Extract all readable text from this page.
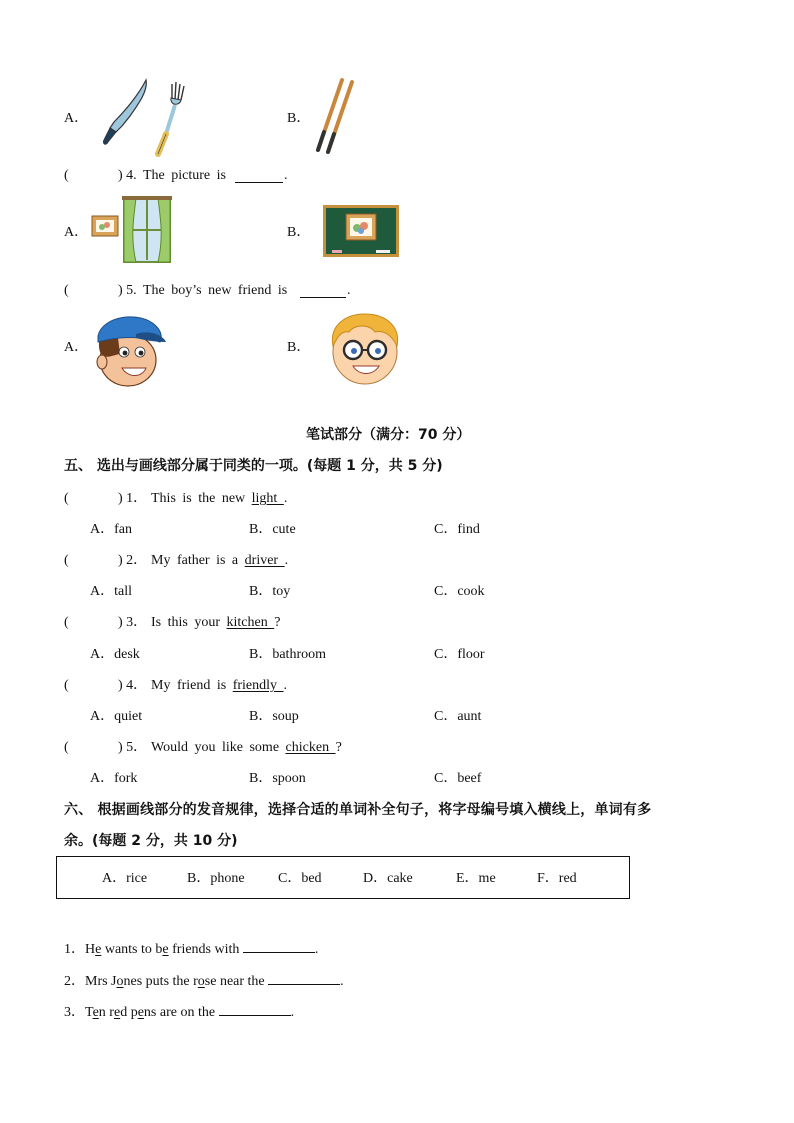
A．	B．
(	) 4. The picture is	.
A．	B．
(	) 5. The boy’s new friend is	.
A．	B．
笔试部分（满分：70 分）
五、 选出与画线部分属于同类的一项。(每题 1 分，共 5 分)
(	) 1． This is the new light .
A．fan	B．cute	C．find
(	) 2． My father is a driver .
A．tall	B．toy	C．cook
(	) 3． Is this your kitchen ?
A．desk	B．bathroom	C．floor
(	) 4． My friend is friendly .
A．quiet	B．soup	C．aunt
(	) 5． Would you like some chicken ?
A．fork	B．spoon	C．beef
六、 根据画线部分的发音规律，选择合适的单词补全句子，将字母编号填入横线上，单词有多
余。(每题 2 分，共 10 分)
A．rice	B．phone C．bed	D．cake	E．me	F．red
1．He wants to be friends with	.
2．Mrs Jones puts the rose near the	.
3．Ten red pens are on the	.
